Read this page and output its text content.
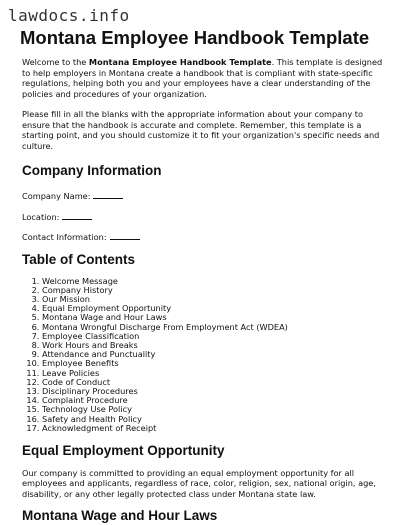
lawdocs.info
Montana Employee Handbook Template

Welcome to the Montana Employee Handbook Template. This template is designed to help employers in Montana create a handbook that is compliant with state-specific regulations, helping both you and your employees have a clear understanding of the policies and procedures of your organization.

Please fill in all the blanks with the appropriate information about your company to ensure that the handbook is accurate and complete. Remember, this template is a starting point, and you should customize it to fit your organization's specific needs and culture.

Company Information
Company Name:
Location:
Contact Information:
Table of Contents
1. Welcome Message
2. Company History
3. Our Mission
4. Equal Employment Opportunity
5. Montana Wage and Hour Laws
6. Montana Wrongful Discharge From Employment Act (WDEA)
7. Employee Classification
8. Work Hours and Breaks
9. Attendance and Punctuality
10. Employee Benefits
11. Leave Policies
12. Code of Conduct
13. Disciplinary Procedures
14. Complaint Procedure
15. Technology Use Policy
16. Safety and Health Policy
17. Acknowledgment of Receipt
Equal Employment Opportunity

Our company is committed to providing an equal employment opportunity for all employees and applicants, regardless of race, color, religion, sex, national origin, age, disability, or any other legally protected class under Montana state law.

Montana Wage and Hour Laws
